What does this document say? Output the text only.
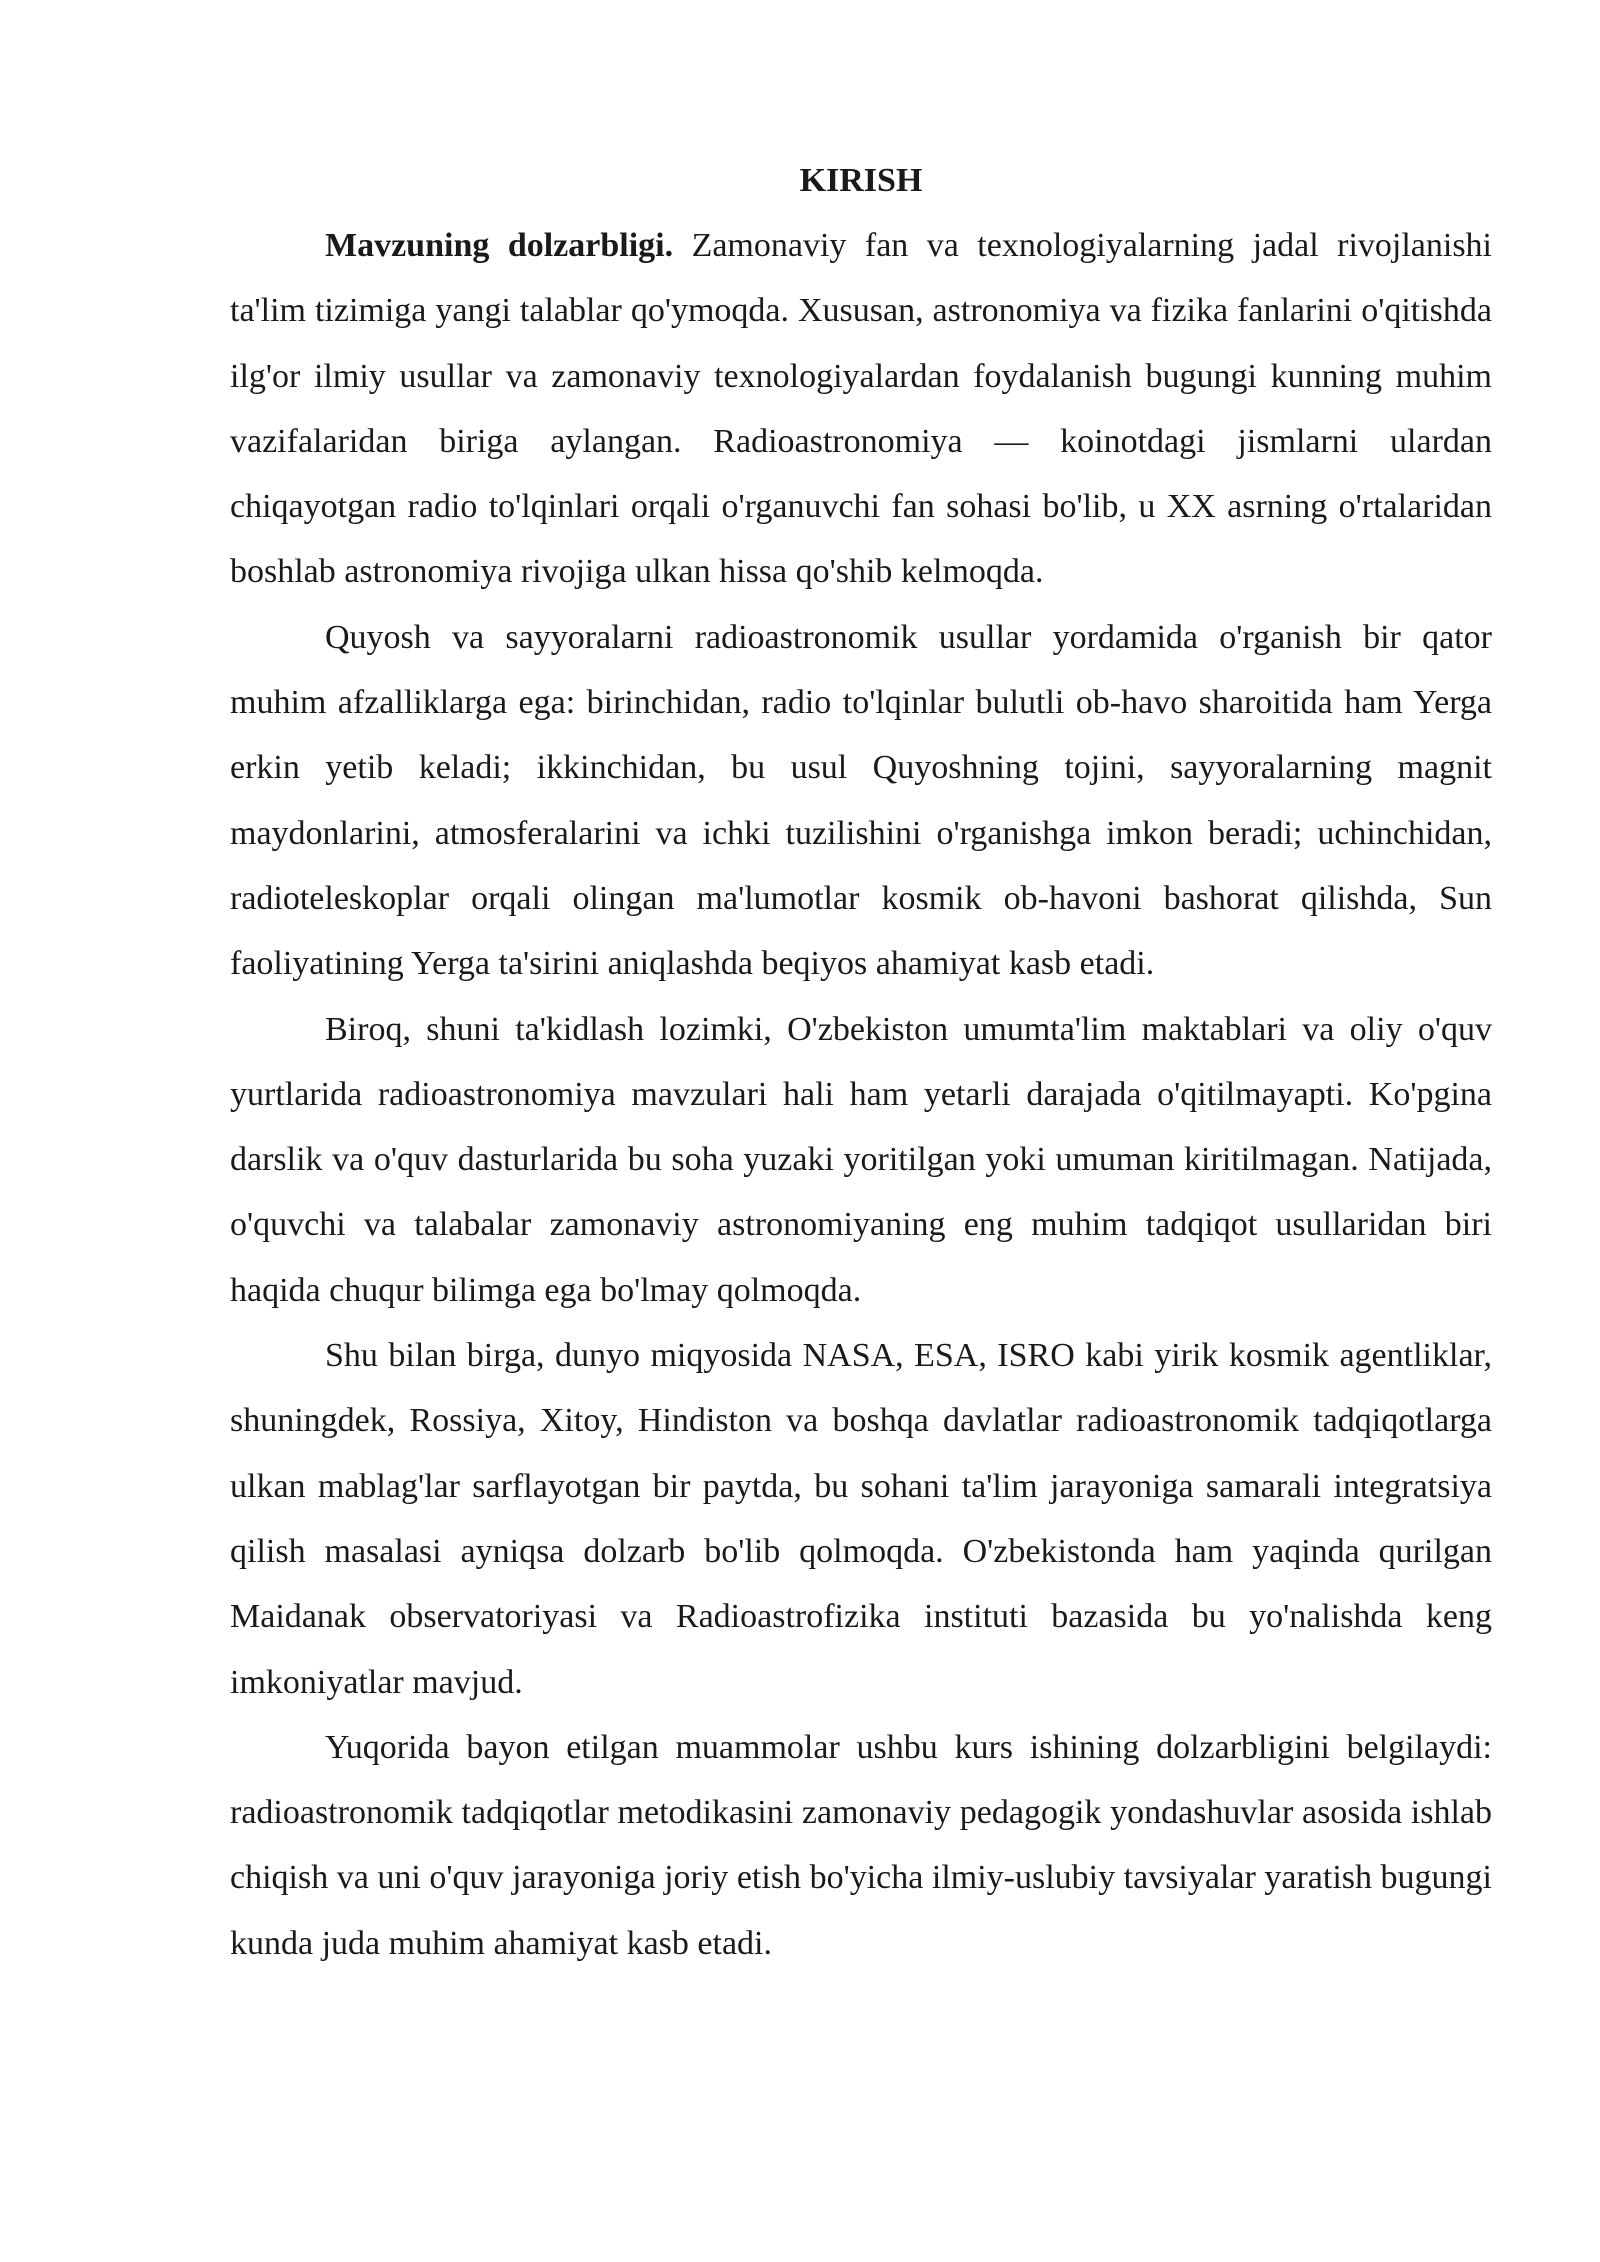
KIRISH

Mavzuning dolzarbligi. Zamonaviy fan va texnologiyalarning jadal rivojlanishi ta'lim tizimiga yangi talablar qo'ymoqda. Xususan, astronomiya va fizika fanlarini o'qitishda ilg'or ilmiy usullar va zamonaviy texnologiyalardan foydalanish bugungi kunning muhim vazifalaridan biriga aylangan. Radioastronomiya — koinotdagi jismlarni ulardan chiqayotgan radio to'lqinlari orqali o'rganuvchi fan sohasi bo'lib, u XX asrning o'rtalaridan boshlab astronomiya rivojiga ulkan hissa qo'shib kelmoqda.

Quyosh va sayyoralarni radioastronomik usullar yordamida o'rganish bir qator muhim afzalliklarga ega: birinchidan, radio to'lqinlar bulutli ob-havo sharoitida ham Yerga erkin yetib keladi; ikkinchidan, bu usul Quyoshning tojini, sayyoralarning magnit maydonlarini, atmosferalarini va ichki tuzilishini o'rganishga imkon beradi; uchinchidan, radioteleskoplar orqali olingan ma'lumotlar kosmik ob-havoni bashorat qilishda, Sun faoliyatining Yerga ta'sirini aniqlashda beqiyos ahamiyat kasb etadi.

Biroq, shuni ta'kidlash lozimki, O'zbekiston umumta'lim maktablari va oliy o'quv yurtlarida radioastronomiya mavzulari hali ham yetarli darajada o'qitilmayapti. Ko'pgina darslik va o'quv dasturlarida bu soha yuzaki yoritilgan yoki umuman kiritilmagan. Natijada, o'quvchi va talabalar zamonaviy astronomiyaning eng muhim tadqiqot usullaridan biri haqida chuqur bilimga ega bo'lmay qolmoqda.

Shu bilan birga, dunyo miqyosida NASA, ESA, ISRO kabi yirik kosmik agentliklar, shuningdek, Rossiya, Xitoy, Hindiston va boshqa davlatlar radioastronomik tadqiqotlarga ulkan mablag'lar sarflayotgan bir paytda, bu sohani ta'lim jarayoniga samarali integratsiya qilish masalasi ayniqsa dolzarb bo'lib qolmoqda. O'zbekistonda ham yaqinda qurilgan Maidanak observatoriyasi va Radioastrofizika instituti bazasida bu yo'nalishda keng imkoniyatlar mavjud.

Yuqorida bayon etilgan muammolar ushbu kurs ishining dolzarbligini belgilaydi: radioastronomik tadqiqotlar metodikasini zamonaviy pedagogik yondashuvlar asosida ishlab chiqish va uni o'quv jarayoniga joriy etish bo'yicha ilmiy-uslubiy tavsiyalar yaratish bugungi kunda juda muhim ahamiyat kasb etadi.
